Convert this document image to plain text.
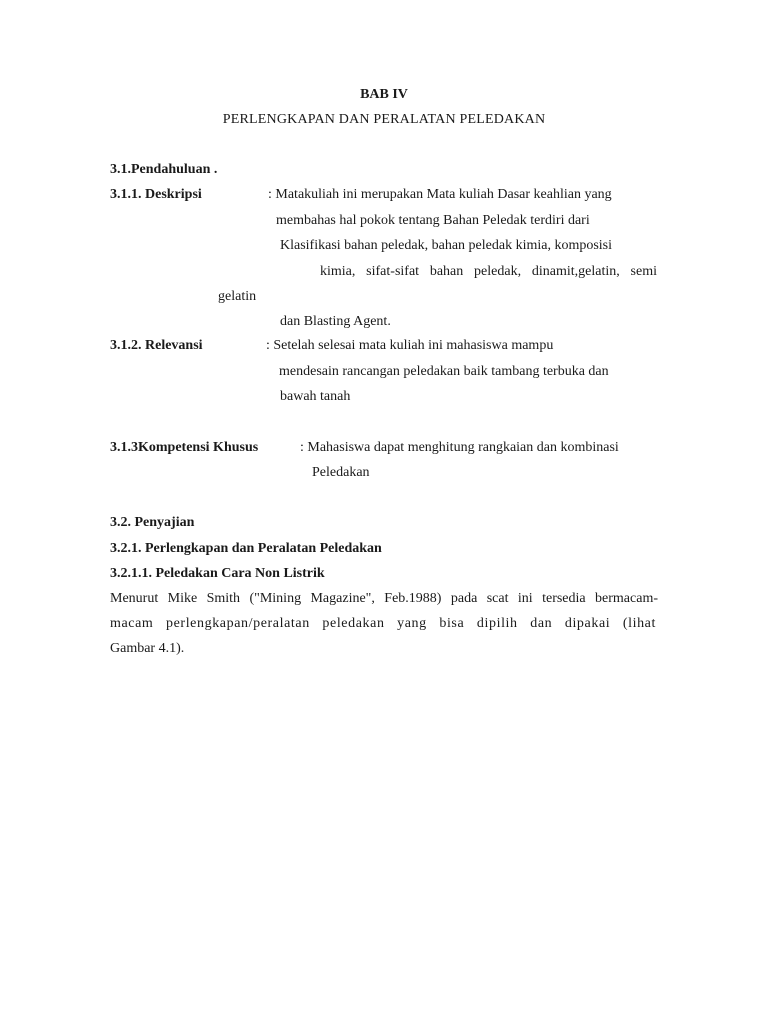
BAB IV
PERLENGKAPAN DAN PERALATAN PELEDAKAN
3.1.Pendahuluan .
3.1.1. Deskripsi	: Matakuliah ini merupakan Mata kuliah Dasar keahlian yang
membahas hal pokok tentang Bahan Peledak terdiri dari
Klasifikasi bahan peledak, bahan peledak kimia, komposisi
kimia, sifat-sifat bahan peledak, dinamit,gelatin, semi
gelatin
dan Blasting Agent.
3.1.2. Relevansi	: Setelah selesai mata kuliah ini mahasiswa mampu
mendesain rancangan peledakan baik tambang terbuka dan
bawah tanah
3.1.3Kompetensi Khusus	: Mahasiswa dapat menghitung rangkaian dan kombinasi
Peledakan
3.2. Penyajian
3.2.1. Perlengkapan dan Peralatan Peledakan
3.2.1.1. Peledakan Cara Non Listrik
Menurut Mike Smith ("Mining Magazine", Feb.1988) pada scat ini tersedia bermacam-
macam perlengkapan/peralatan peledakan yang bisa dipilih dan dipakai (lihat
Gambar 4.1).
